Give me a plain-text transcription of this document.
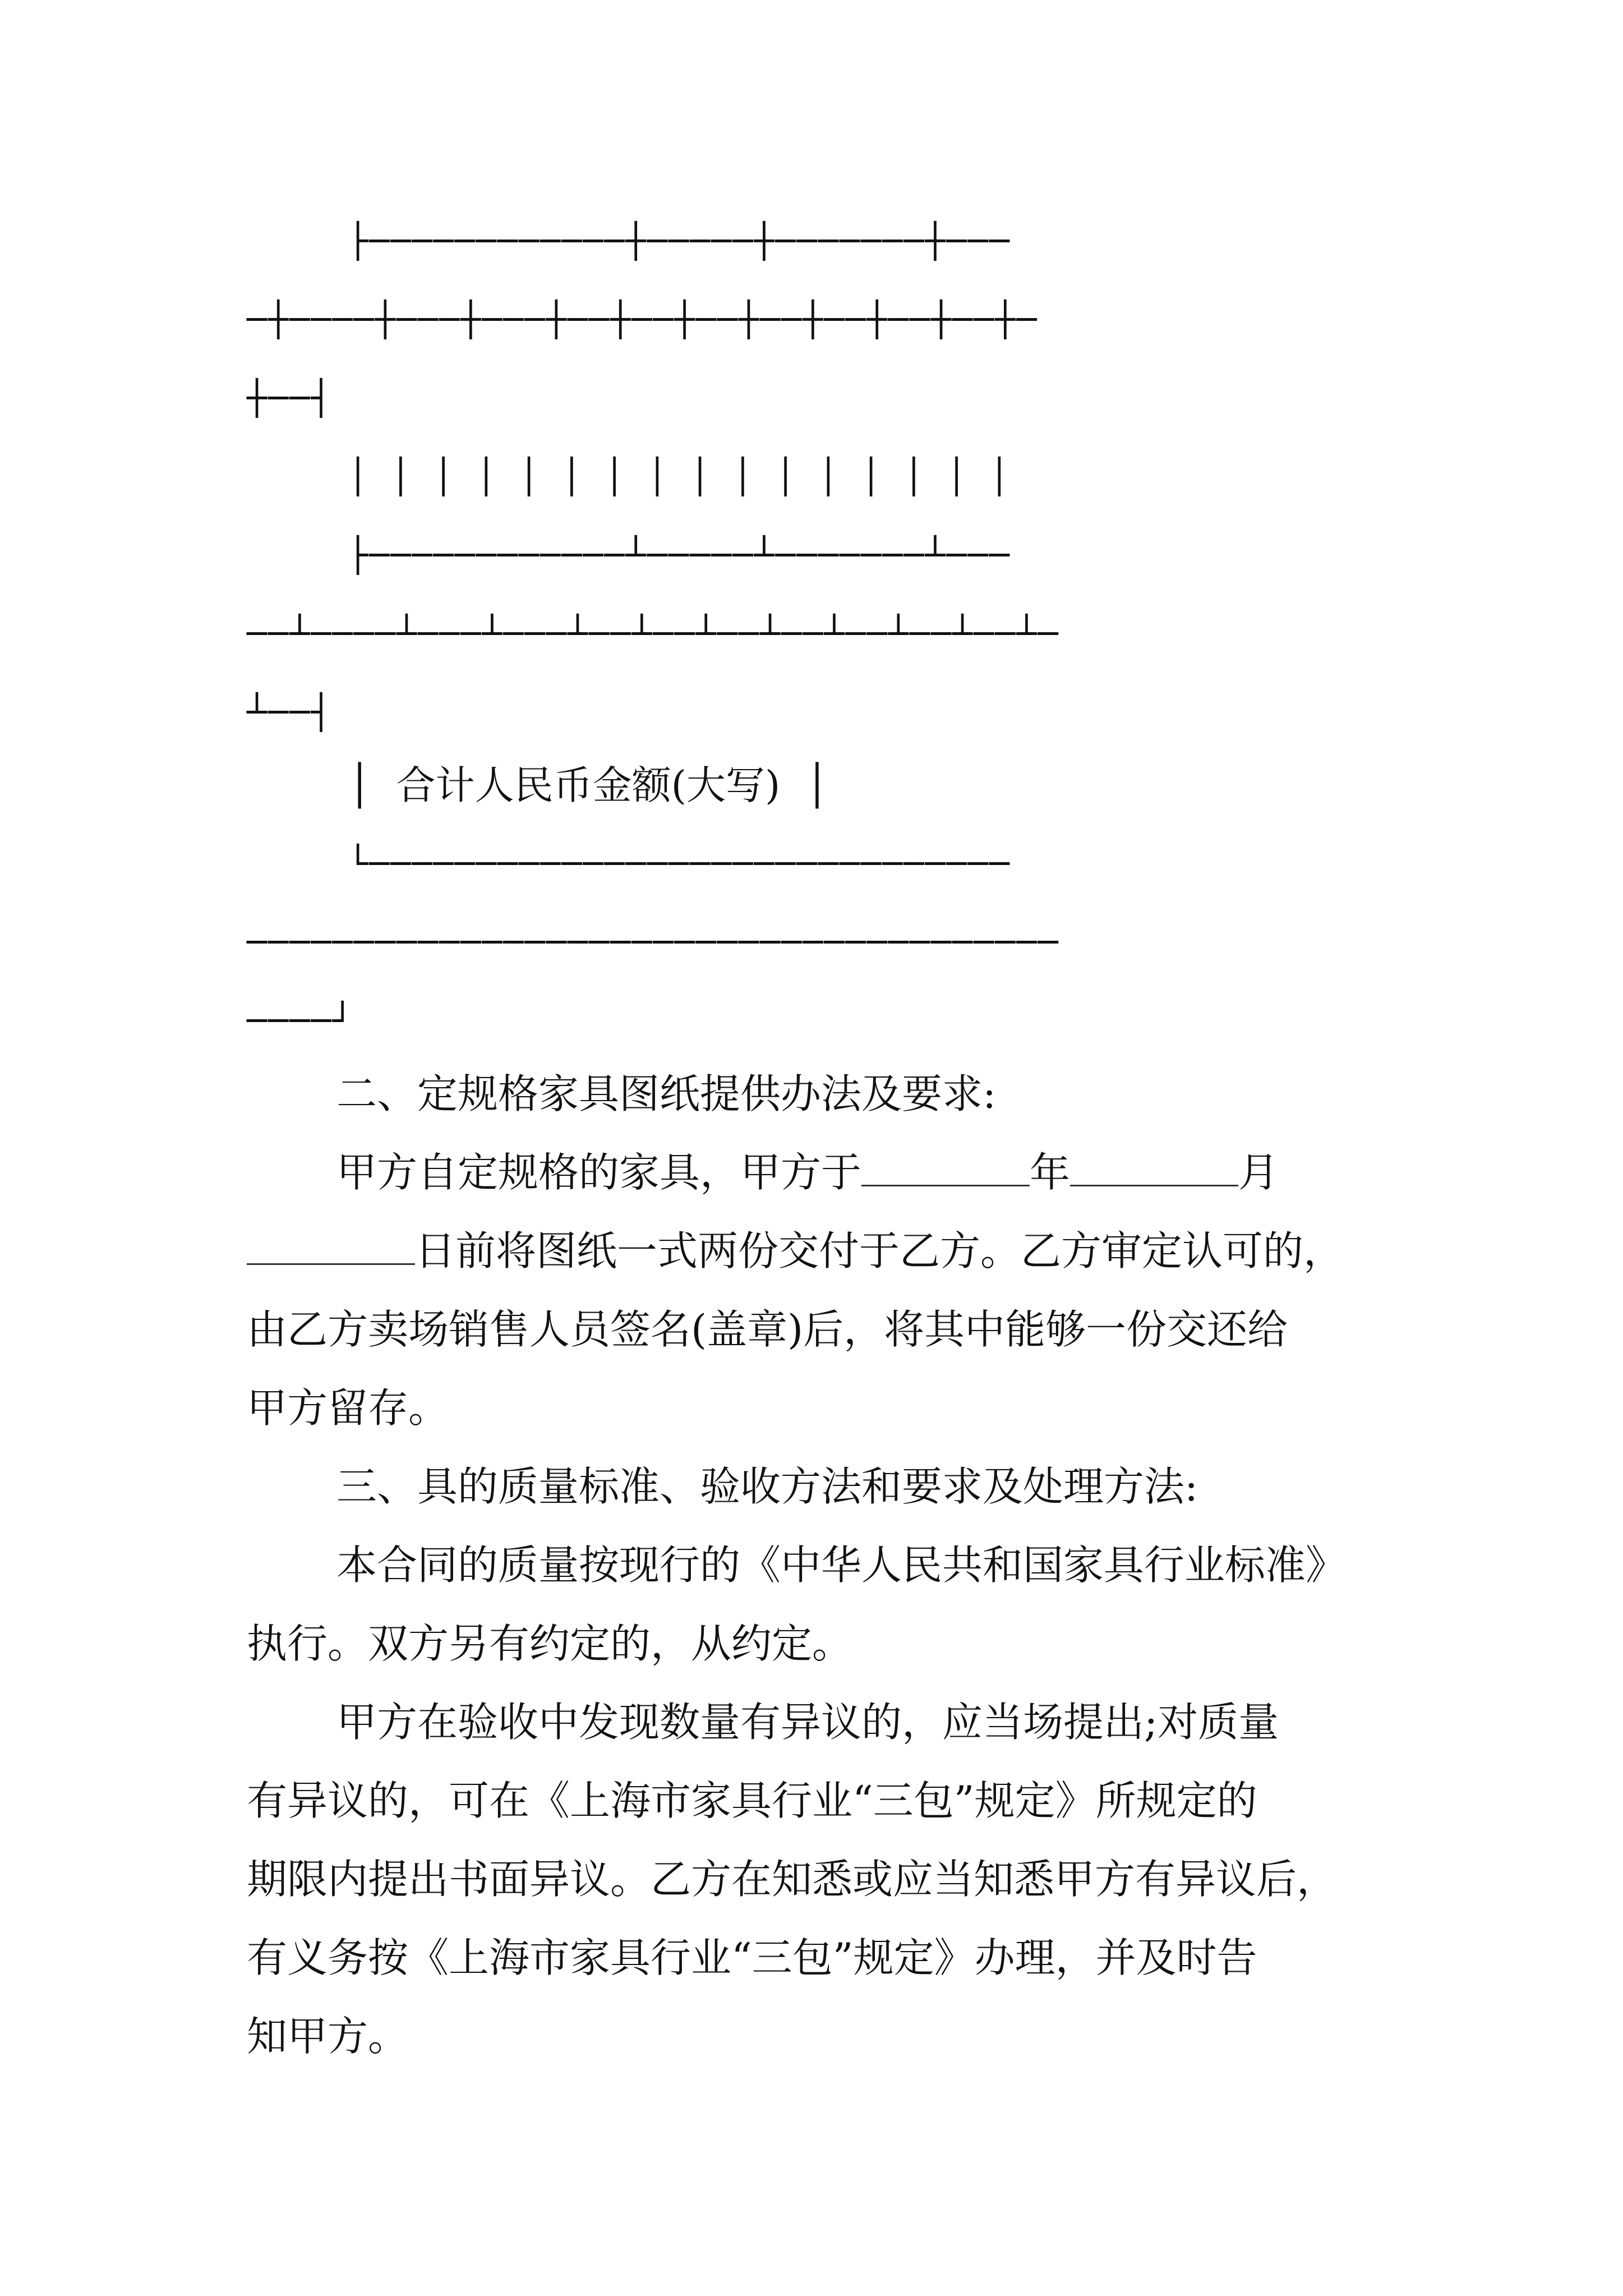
├────────────┼─────┼───────┼───
─┼────┼───┼───┼──┼──┼──┼──┼──┼──┼──┼─
┼──┤
│ │ │ │ │ │ │ │ │ │ │ │ │ │ │ │
├────────────┴─────┴───────┴───
──┴────┴───┴───┴──┴──┴──┴──┴──┴──┴──┴─
┴──┤
│  合计人民币金额(大写)  │
└──────────────────────────────
──────────────────────────────────────
────┘
二、定规格家具图纸提供办法及要求:
甲方自定规格的家具，甲方于	年	月
日前将图纸一式两份交付于乙方。乙方审定认可的，
由乙方卖场销售人员签名(盖章)后，将其中能够一份交还给
甲方留存。
三、具的质量标准、验收方法和要求及处理方法:
本合同的质量按现行的《中华人民共和国家具行业标准》
执行。双方另有约定的，从约定。
甲方在验收中发现数量有异议的，应当场提出;对质量
有异议的，可在《上海市家具行业“三包”规定》所规定的
期限内提出书面异议。乙方在知悉或应当知悉甲方有异议后，
有义务按《上海市家具行业“三包”规定》办理，并及时告
知甲方。
